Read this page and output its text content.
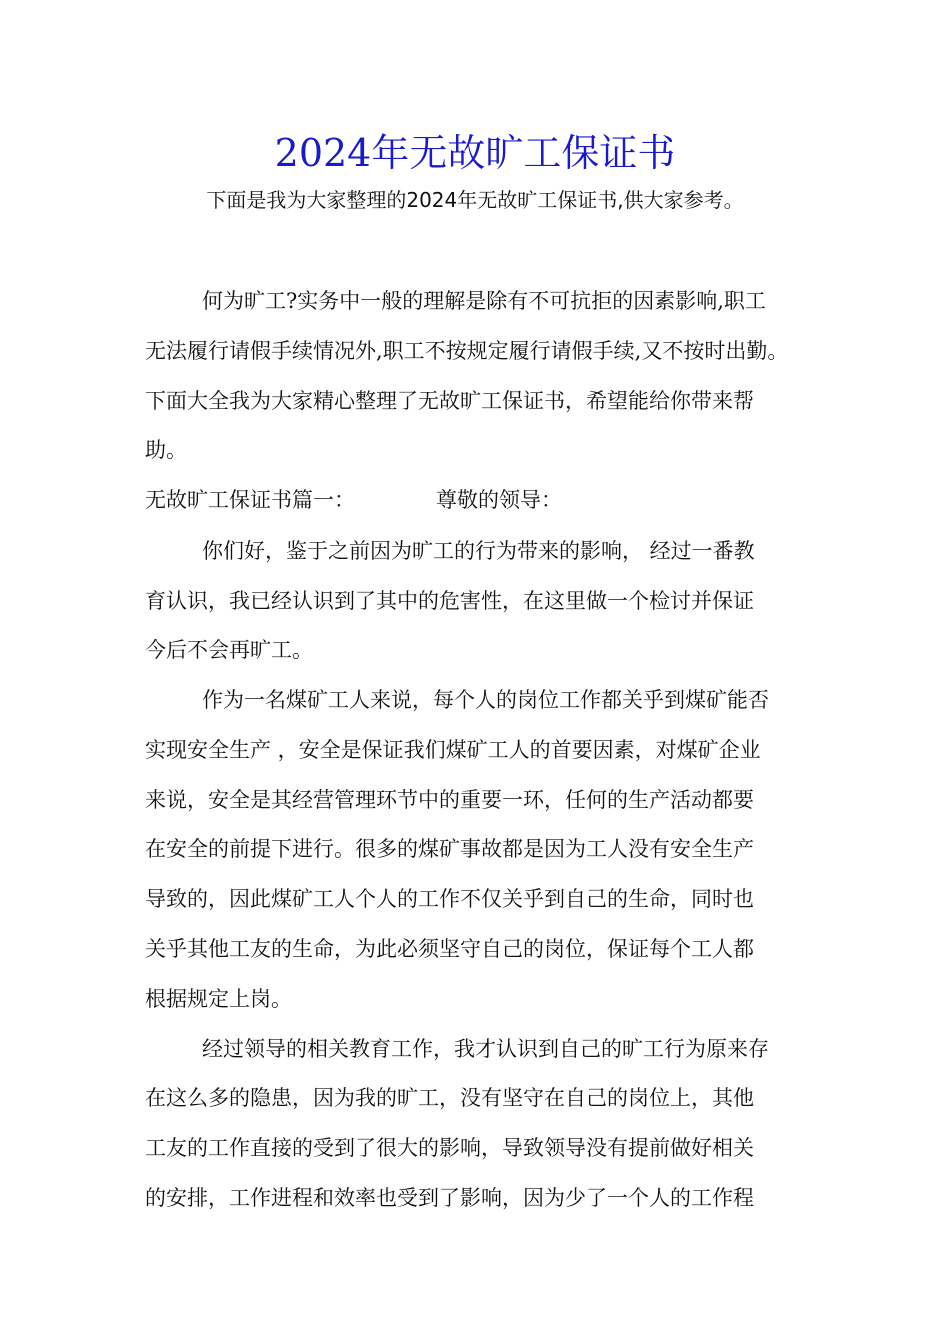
2024年无故旷工保证书
下面是我为大家整理的2024年无故旷工保证书,供大家参考。
何为旷工?实务中一般的理解是除有不可抗拒的因素影响,职工
无法履行请假手续情况外,职工不按规定履行请假手续,又不按时出勤。
下面大全我为大家精心整理了无故旷工保证书，希望能给你带来帮
助。
无故旷工保证书篇一：	尊敬的领导：
你们好，鉴于之前因为旷工的行为带来的影响， 经过一番教
育认识，我已经认识到了其中的危害性，在这里做一个检讨并保证
今后不会再旷工。
作为一名煤矿工人来说，每个人的岗位工作都关乎到煤矿能否
实现安全生产 ，安全是保证我们煤矿工人的首要因素，对煤矿企业
来说，安全是其经营管理环节中的重要一环，任何的生产活动都要
在安全的前提下进行。很多的煤矿事故都是因为工人没有安全生产
导致的，因此煤矿工人个人的工作不仅关乎到自己的生命，同时也
关乎其他工友的生命，为此必须坚守自己的岗位，保证每个工人都
根据规定上岗。
经过领导的相关教育工作，我才认识到自己的旷工行为原来存
在这么多的隐患，因为我的旷工，没有坚守在自己的岗位上，其他
工友的工作直接的受到了很大的影响，导致领导没有提前做好相关
的安排，工作进程和效率也受到了影响，因为少了一个人的工作程
